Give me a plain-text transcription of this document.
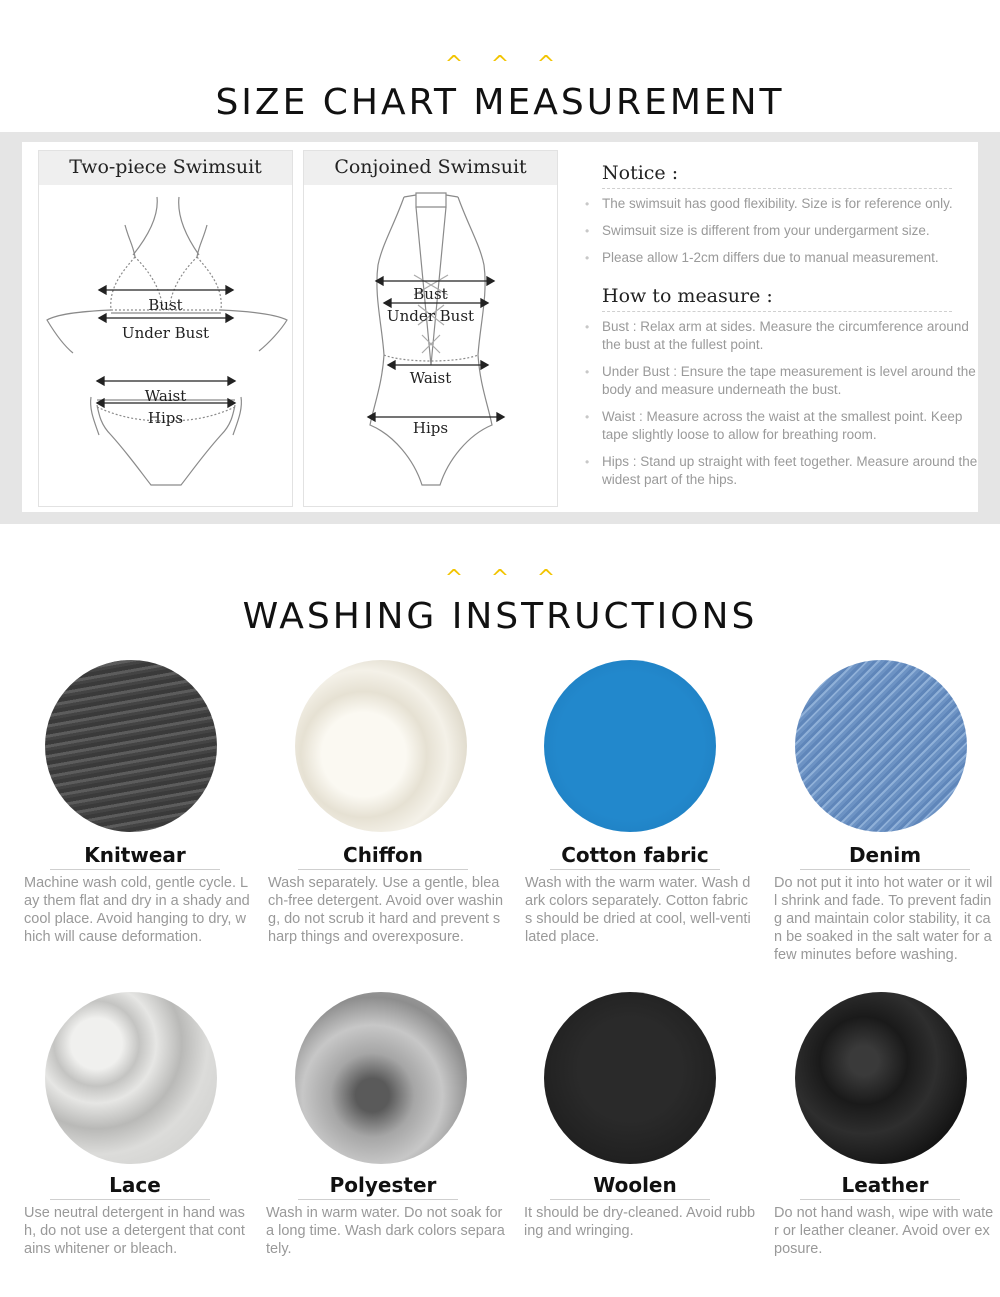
^ ^ ^
SIZE CHART MEASUREMENT
Two-piece Swimsuit
Bust
Under Bust
Waist
Hips
Conjoined Swimsuit
Bust
Under Bust
Waist
Hips
Notice :
• The swimsuit has good flexibility. Size is for reference only.
• Swimsuit size is different from your undergarment size.
• Please allow 1-2cm differs due to manual measurement.
How to measure :
• Bust : Relax arm at sides. Measure the circumference around the bust at the fullest point.
• Under Bust : Ensure the tape measurement is level around the body and measure underneath the bust.
• Waist : Measure across the waist at the smallest point. Keep tape slightly loose to allow for breathing room.
• Hips : Stand up straight with feet together. Measure around the widest part of the hips.
^ ^ ^
WASHING INSTRUCTIONS
Knitwear
Machine wash cold, gentle cycle. Lay them flat and dry in a shady and cool place. Avoid hanging to dry, which will cause deformation.
Chiffon
Wash separately. Use a gentle, bleach-free detergent. Avoid over washing, do not scrub it hard and prevent sharp things and overexposure.
Cotton fabric
Wash with the warm water. Wash dark colors separately. Cotton fabrics should be dried at cool, well-ventilated place.
Denim
Do not put it into hot water or it will shrink and fade. To prevent fading and maintain color stability, it can be soaked in the salt water for a few minutes before washing.
Lace
Use neutral detergent in hand wash, do not use a detergent that contains whitener or bleach.
Polyester
Wash in warm water. Do not soak for a long time. Wash dark colors separately.
Woolen
It should be dry-cleaned. Avoid rubbing and wringing.
Leather
Do not hand wash, wipe with water or leather cleaner. Avoid over exposure.
